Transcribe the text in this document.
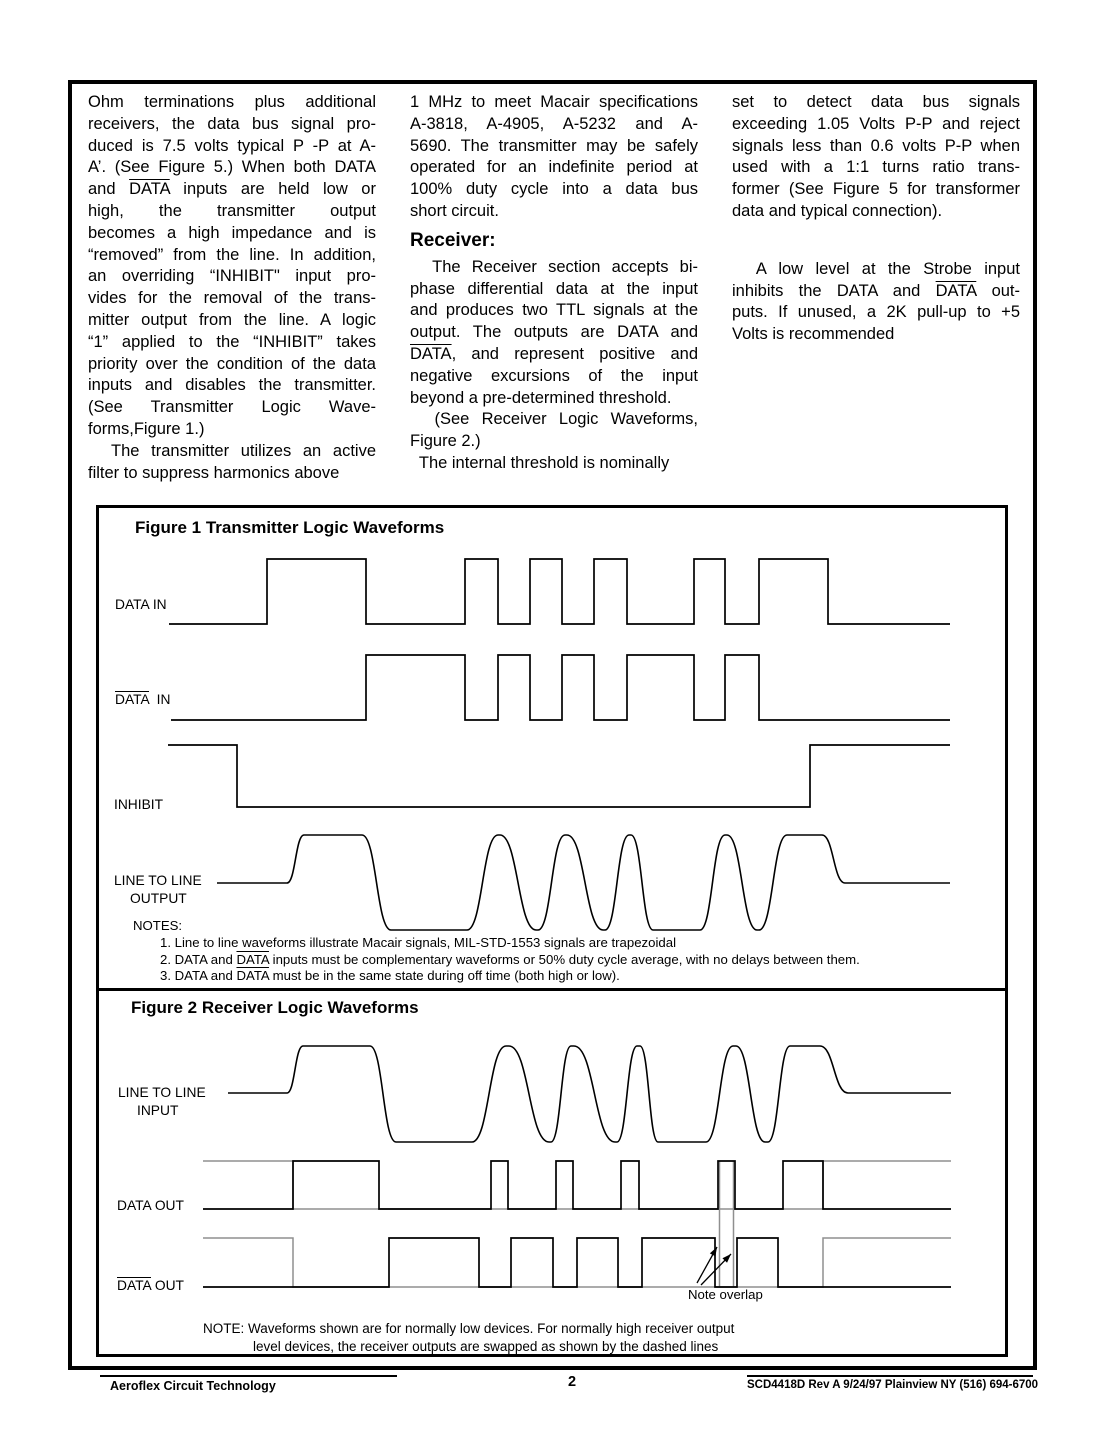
Ohm terminations plus additional
receivers, the data bus signal pro-
duced is 7.5 volts typical P -P at A-
A’. (See Figure 5.) When both DATA
and DATA inputs are held low or
high, the transmitter output
becomes a high impedance and is
“removed” from the line. In addition,
an overriding “INHIBIT" input pro-
vides for the removal of the trans-
mitter output from the line. A logic
“1” applied to the “INHIBIT” takes
priority over the condition of the data
inputs and disables the transmitter.
(See Transmitter Logic Wave-
forms,Figure 1.)
The transmitter utilizes an active
filter to suppress harmonics above
1 MHz to meet Macair specifications
A-3818, A-4905, A-5232 and A-
5690. The transmitter may be safely
operated for an indefinite period at
100% duty cycle into a data bus
short circuit.
Receiver:
The Receiver section accepts bi-
phase differential data at the input
and produces two TTL signals at the
output. The outputs are DATA and
DATA, and represent positive and
negative excursions of the input
beyond a pre-determined threshold.
(See Receiver Logic Waveforms,
Figure 2.)
The internal threshold is nominally
set to detect data bus signals
exceeding 1.05 Volts P-P and reject
signals less than 0.6 volts P-P when
used with a 1:1 turns ratio trans-
former (See Figure 5 for transformer
data and typical connection).
A low level at the Strobe input
inhibits the DATA and DATA out-
puts. If unused, a 2K pull-up to +5
Volts is recommended
Figure 1 Transmitter Logic Waveforms
Figure 2 Receiver Logic Waveforms
DATA IN
DATA  IN
INHIBIT
LINE TO LINE
OUTPUT
LINE TO LINE
INPUT
DATA OUT
DATA OUT
NOTES:
1. Line to line waveforms illustrate Macair signals, MIL-STD-1553 signals are trapezoidal
2. DATA and DATA inputs must be complementary waveforms or 50% duty cycle average, with no delays between them.
3. DATA and DATA must be in the same state during off time (both high or low).
NOTE: Waveforms shown are for normally low devices. For normally high receiver output
level devices, the receiver outputs are swapped as shown by the dashed lines
Note overlap
Aeroflex Circuit Technology	2	SCD4418D Rev A 9/24/97 Plainview NY (516) 694-6700
